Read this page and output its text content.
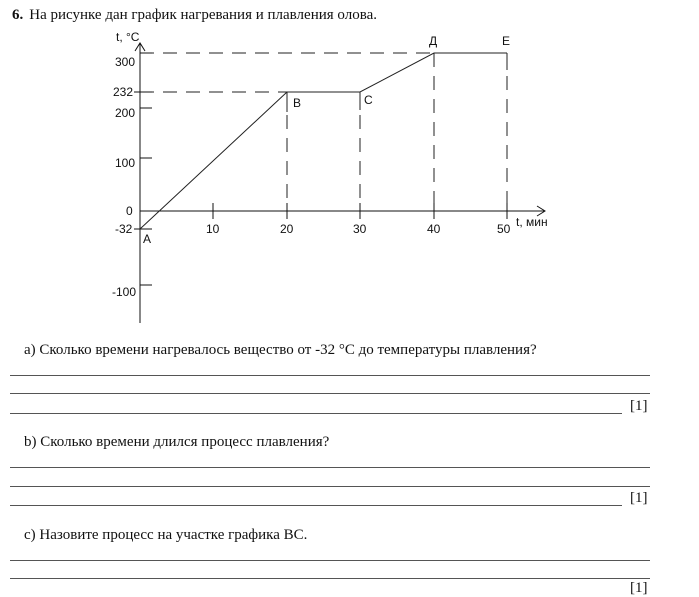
6. На рисунке дан график нагревания и плавления олова.
t, °C
t, мин
300
232
200
100
0
-32
-100
10	20	30	40	50
A
B	C
Д	E
a) Сколько времени нагревалось вещество от -32 °С до температуры плавления?
[1]
b) Сколько времени длился процесс плавления?
[1]
c) Назовите процесс на участке графика ВС.
[1]
